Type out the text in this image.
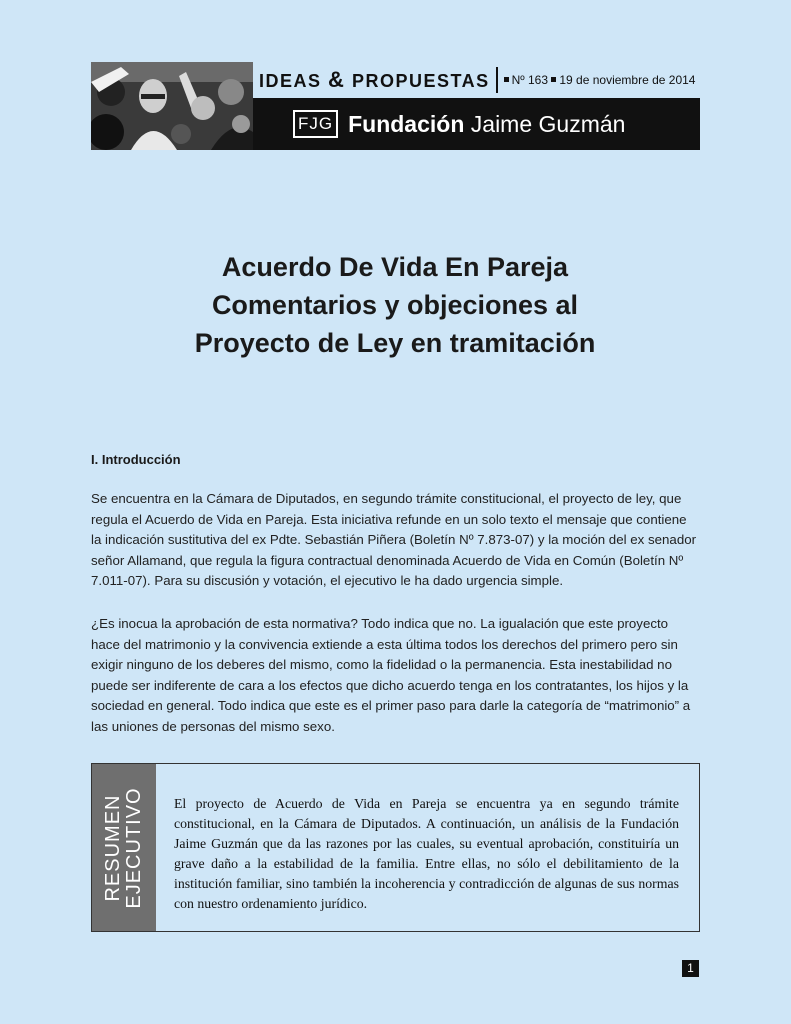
IDEAS & PROPUESTAS	Nº 163 19 de noviembre de 2014
FJG Fundación Jaime Guzmán
Acuerdo De Vida En Pareja
Comentarios y objeciones al
Proyecto de Ley en tramitación
I. Introducción

Se encuentra en la Cámara de Diputados, en segundo trámite constitucional, el proyecto de ley, que regula el Acuerdo de Vida en Pareja. Esta iniciativa refunde en un solo texto el mensaje que contiene la indicación sustitutiva del ex Pdte. Sebastián Piñera (Boletín Nº 7.873-07) y la moción del ex senador señor Allamand, que regula la figura contractual denominada Acuerdo de Vida en Común (Boletín Nº 7.011-07). Para su discusión y votación, el ejecutivo le ha dado urgencia simple.

¿Es inocua la aprobación de esta normativa? Todo indica que no. La igualación que este proyecto hace del matrimonio y la convivencia extiende a esta última todos los derechos del primero pero sin exigir ninguno de los deberes del mismo, como la fidelidad o la permanencia. Esta inestabilidad no puede ser indiferente de cara a los efectos que dicho acuerdo tenga en los contratantes, los hijos y la sociedad en general. Todo indica que este es el primer paso para darle la categoría de “matrimonio” a las uniones de personas del mismo sexo.

RESUMEN
EJECUTIVO El proyecto de Acuerdo de Vida en Pareja se encuentra ya en segundo trámite constitucional, en la Cámara de Diputados. A continuación, un análisis de la Fundación Jaime Guzmán que da las razones por las cuales, su eventual aprobación, constituiría un grave daño a la estabilidad de la familia. Entre ellas, no sólo el debilitamiento de la institución familiar, sino también la incoherencia y contradicción de algunas de sus normas con nuestro ordenamiento jurídico.

1
